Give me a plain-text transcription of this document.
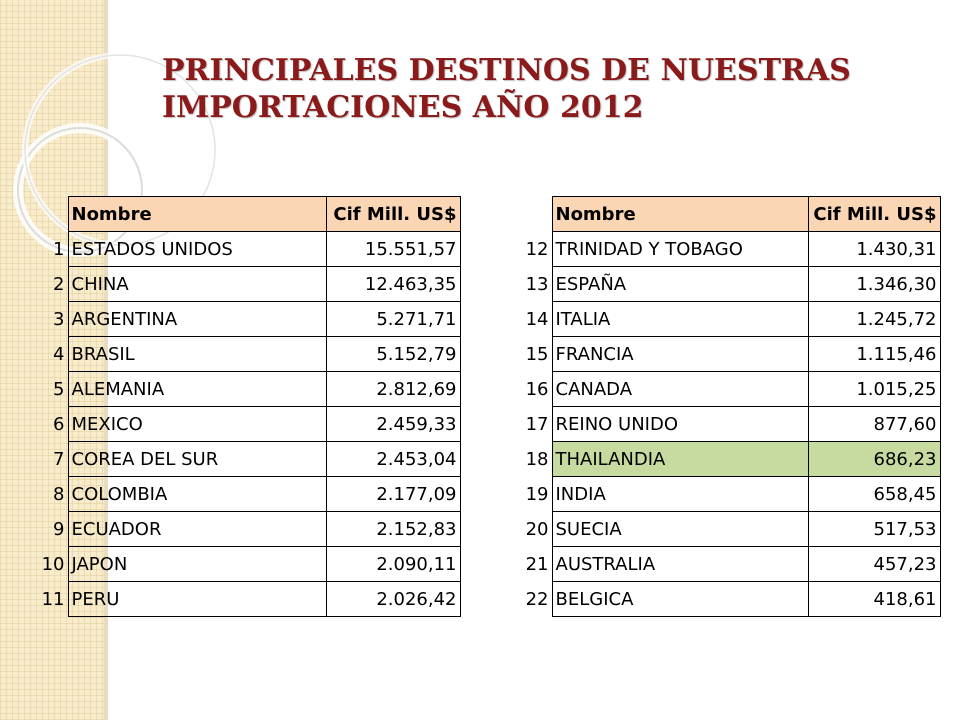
PRINCIPALES DESTINOS DE NUESTRAS
IMPORTACIONES AÑO 2012
	Nombre	Cif Mill. US$
1	ESTADOS UNIDOS	15.551,57
2	CHINA	12.463,35
3	ARGENTINA	5.271,71
4	BRASIL	5.152,79
5	ALEMANIA	2.812,69
6	MEXICO	2.459,33
7	COREA DEL SUR	2.453,04
8	COLOMBIA	2.177,09
9	ECUADOR	2.152,83
10	JAPON	2.090,11
11	PERU	2.026,42
	Nombre	Cif Mill. US$
12	TRINIDAD Y TOBAGO	1.430,31
13	ESPAÑA	1.346,30
14	ITALIA	1.245,72
15	FRANCIA	1.115,46
16	CANADA	1.015,25
17	REINO UNIDO	877,60
18	THAILANDIA	686,23
19	INDIA	658,45
20	SUECIA	517,53
21	AUSTRALIA	457,23
22	BELGICA	418,61
